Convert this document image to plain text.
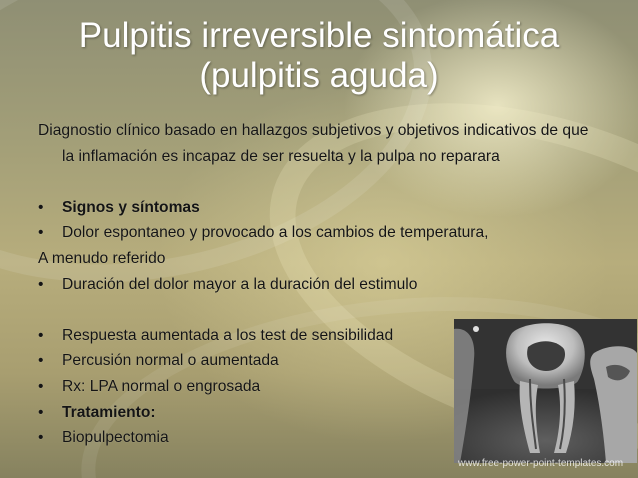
Pulpitis irreversible sintomática
(pulpitis aguda)

Diagnostio clínico basado en hallazgos subjetivos y objetivos indicativos de que la inflamación es incapaz de ser resuelta y la pulpa no reparara

•	Signos y síntomas

•	Dolor espontaneo y provocado a los cambios de temperatura,

A menudo referido

•	Duración del dolor mayor a la duración del estimulo

•	Respuesta aumentada a los test de sensibilidad

•	Percusión normal o aumentada

•	Rx: LPA normal o engrosada

•	Tratamiento:

•	Biopulpectomia

www.free-power-point-templates.com
